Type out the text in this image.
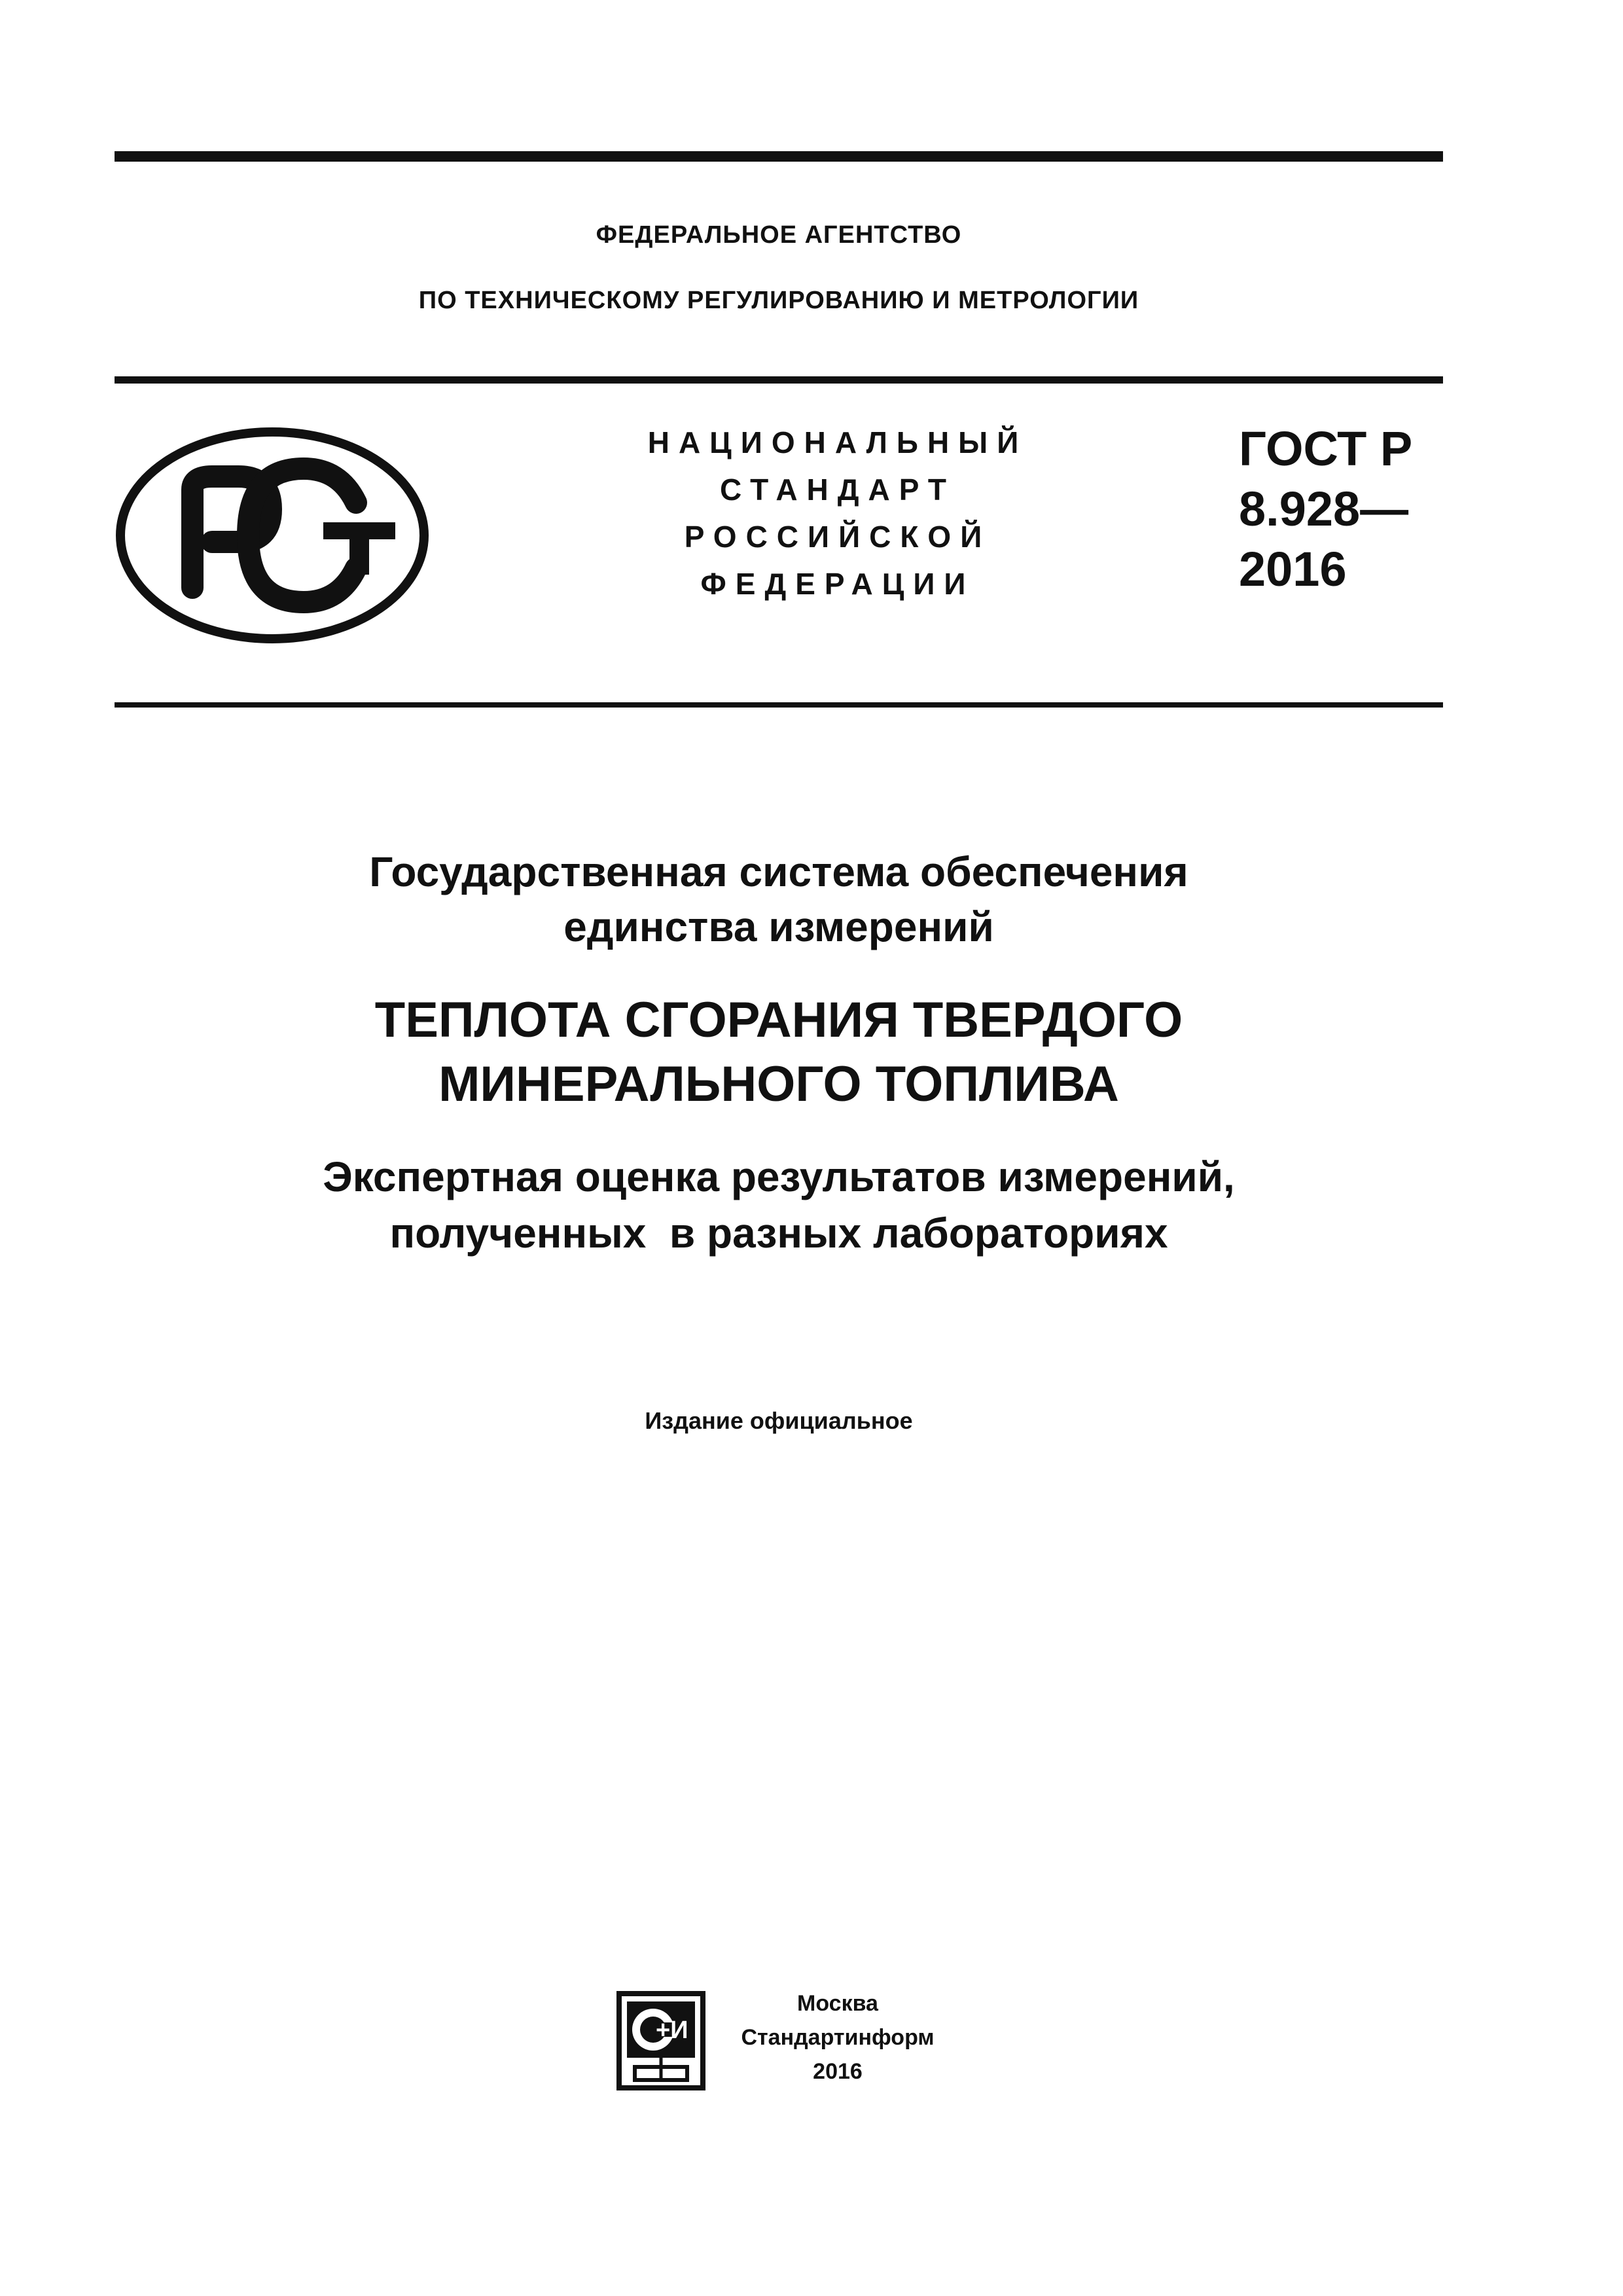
ФЕДЕРАЛЬНОЕ АГЕНТСТВО
ПО ТЕХНИЧЕСКОМУ РЕГУЛИРОВАНИЮ И МЕТРОЛОГИИ
НАЦИОНАЛЬНЫЙ
СТАНДАРТ
РОССИЙСКОЙ
ФЕДЕРАЦИИ
ГОСТ Р
8.928—
2016
Государственная система обеспечения
единства измерений
ТЕПЛОТА СГОРАНИЯ ТВЕРДОГО
МИНЕРАЛЬНОГО ТОПЛИВА
Экспертная оценка результатов измерений,
полученных  в разных лабораториях
Издание официальное
+И
Москва
Стандартинформ
2016
